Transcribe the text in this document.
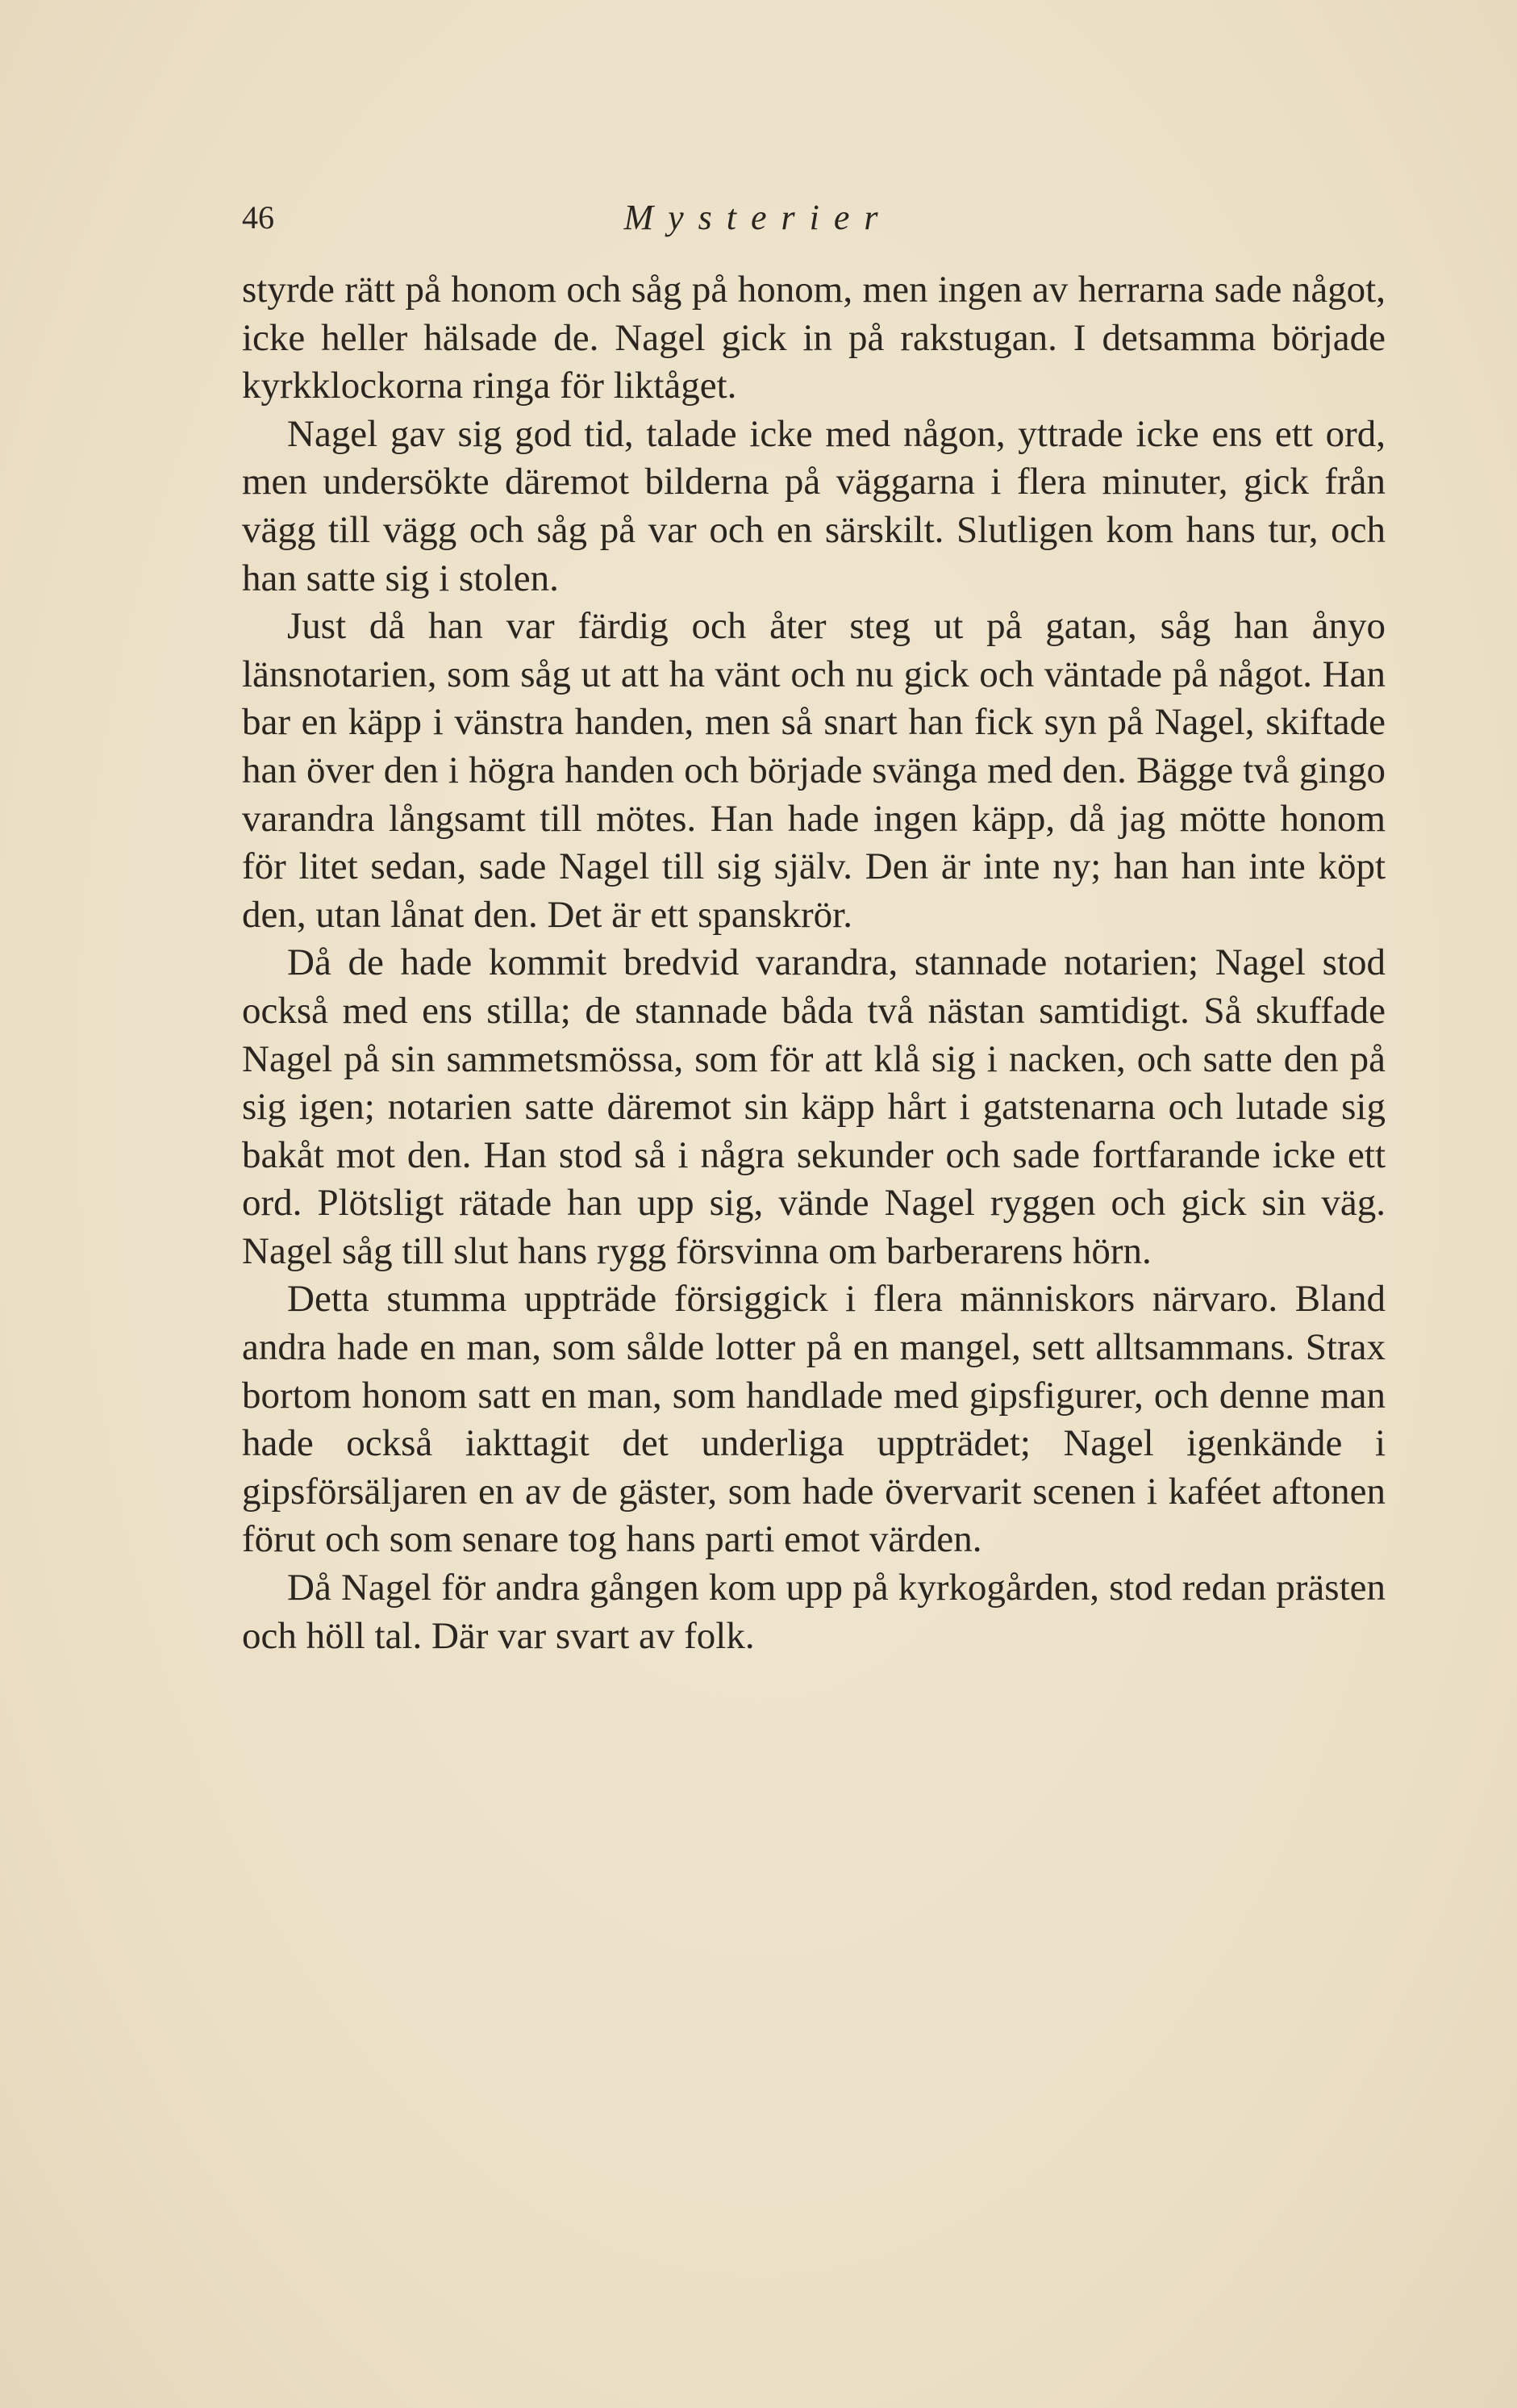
46	Mysterier

styrde rätt på honom och såg på honom, men ingen av herrarna sade något, icke heller hälsade de. Nagel gick in på rakstugan. I detsamma började kyrkklockorna ringa för liktåget.

Nagel gav sig god tid, talade icke med någon, yttrade icke ens ett ord, men undersökte däremot bilderna på väggarna i flera minuter, gick från vägg till vägg och såg på var och en särskilt. Slutligen kom hans tur, och han satte sig i stolen.

Just då han var färdig och åter steg ut på gatan, såg han ånyo länsnotarien, som såg ut att ha vänt och nu gick och väntade på något. Han bar en käpp i vänstra handen, men så snart han fick syn på Nagel, skiftade han över den i högra handen och började svänga med den. Bägge två gingo varandra långsamt till mötes. Han hade ingen käpp, då jag mötte honom för litet sedan, sade Nagel till sig själv. Den är inte ny; han han inte köpt den, utan lånat den. Det är ett spanskrör.

Då de hade kommit bredvid varandra, stannade notarien; Nagel stod också med ens stilla; de stannade båda två nästan samtidigt. Så skuffade Nagel på sin sammetsmössa, som för att klå sig i nacken, och satte den på sig igen; notarien satte däremot sin käpp hårt i gatstenarna och lutade sig bakåt mot den. Han stod så i några sekunder och sade fortfarande icke ett ord. Plötsligt rätade han upp sig, vände Nagel ryggen och gick sin väg. Nagel såg till slut hans rygg försvinna om barberarens hörn.

Detta stumma uppträde försiggick i flera människors närvaro. Bland andra hade en man, som sålde lotter på en mangel, sett alltsammans. Strax bortom honom satt en man, som handlade med gipsfigurer, och denne man hade också iakttagit det underliga uppträdet; Nagel igenkände i gipsförsäljaren en av de gäster, som hade övervarit scenen i kaféet aftonen förut och som senare tog hans parti emot värden.

Då Nagel för andra gången kom upp på kyrkogården, stod redan prästen och höll tal. Där var svart av folk.
